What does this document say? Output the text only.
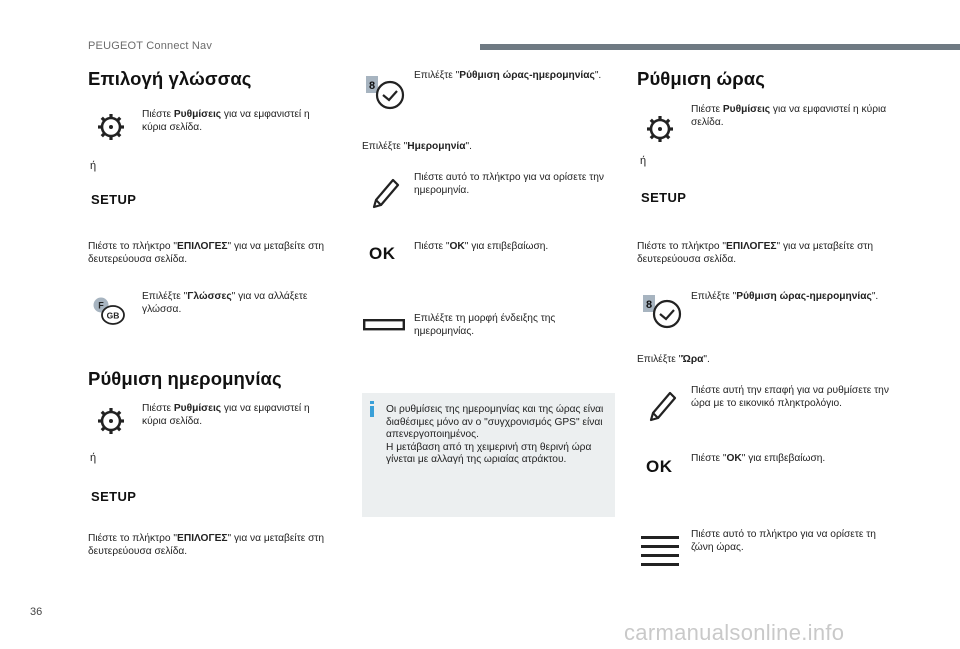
PEUGEOT Connect Nav
Επιλογή γλώσσας
Πιέστε Ρυθμίσεις για να εμφανιστεί η κύρια σελίδα.
ή
SETUP
Πιέστε το πλήκτρο "ΕΠΙΛΟΓΕΣ" για να μεταβείτε στη δευτερεύουσα σελίδα.
F
GB
Επιλέξτε "Γλώσσες" για να αλλάξετε γλώσσα.
Ρύθμιση ημερομηνίας
Πιέστε Ρυθμίσεις για να εμφανιστεί η κύρια σελίδα.
ή
SETUP
Πιέστε το πλήκτρο "ΕΠΙΛΟΓΕΣ" για να μεταβείτε στη δευτερεύουσα σελίδα.
8
Επιλέξτε "Ρύθμιση ώρας-ημερομηνίας".
Επιλέξτε "Ημερομηνία".
Πιέστε αυτό το πλήκτρο για να ορίσετε την ημερομηνία.
OK Πιέστε "OK" για επιβεβαίωση.
Επιλέξτε τη μορφή ένδειξης της ημερομηνίας.
Οι ρυθμίσεις της ημερομηνίας και της ώρας είναι διαθέσιμες μόνο αν ο "συγχρονισμός GPS" είναι απενεργοποιημένος.
Η μετάβαση από τη χειμερινή στη θερινή ώρα γίνεται με αλλαγή της ωριαίας ατράκτου.
Ρύθμιση ώρας
Πιέστε Ρυθμίσεις για να εμφανιστεί η κύρια σελίδα.
ή
SETUP
Πιέστε το πλήκτρο "ΕΠΙΛΟΓΕΣ" για να μεταβείτε στη δευτερεύουσα σελίδα.
8
Επιλέξτε "Ρύθμιση ώρας-ημερομηνίας".
Επιλέξτε "Ώρα".
Πιέστε αυτή την επαφή για να ρυθμίσετε την ώρα με το εικονικό πληκτρολόγιο.
OK Πιέστε "OK" για επιβεβαίωση.
Πιέστε αυτό το πλήκτρο για να ορίσετε τη ζώνη ώρας.
36
carmanualsonline.info
